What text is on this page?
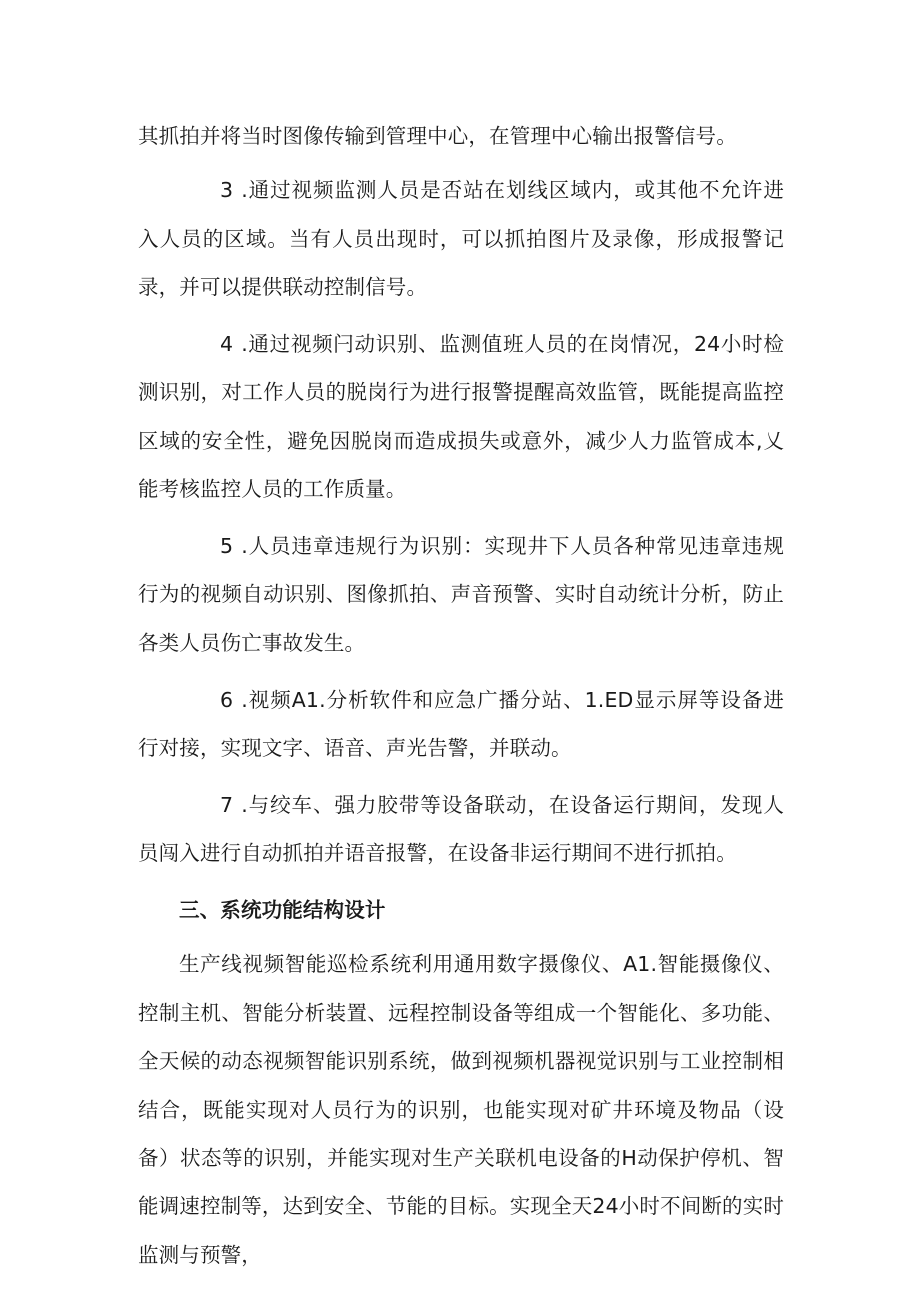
其抓拍并将当时图像传输到管理中心，在管理中心输出报警信号。

3 .通过视频监测人员是否站在划线区域内，或其他不允许进入人员的区域。当有人员出现时，可以抓拍图片及录像，形成报警记录，并可以提供联动控制信号。

4 .通过视频闩动识别、监测值班人员的在岗情况，24小时检测识别，对工作人员的脱岗行为进行报警提醒高效监管，既能提高监控区域的安全性，避免因脱岗而造成损失或意外，减少人力监管成本,乂能考核监控人员的工作质量。

5 .人员违章违规行为识别：实现井下人员各种常见违章违规行为的视频自动识别、图像抓拍、声音预警、实时自动统计分析，防止各类人员伤亡事故发生。

6 .视频A1.分析软件和应急广播分站、1.ED显示屏等设备进行对接，实现文字、语音、声光告警，并联动。

7 .与绞车、强力胶带等设备联动，在设备运行期间，发现人员闯入进行自动抓拍并语音报警，在设备非运行期间不进行抓拍。

三、系统功能结构设计

生产线视频智能巡检系统利用通用数字摄像仪、A1.智能摄像仪、控制主机、智能分析装置、远程控制设备等组成一个智能化、多功能、全天候的动态视频智能识别系统，做到视频机器视觉识别与工业控制相结合，既能实现对人员行为的识别，也能实现对矿井环境及物品（设备）状态等的识别，并能实现对生产关联机电设备的H动保护停机、智能调速控制等，达到安全、节能的目标。实现全天24小时不间断的实时监测与预警，
